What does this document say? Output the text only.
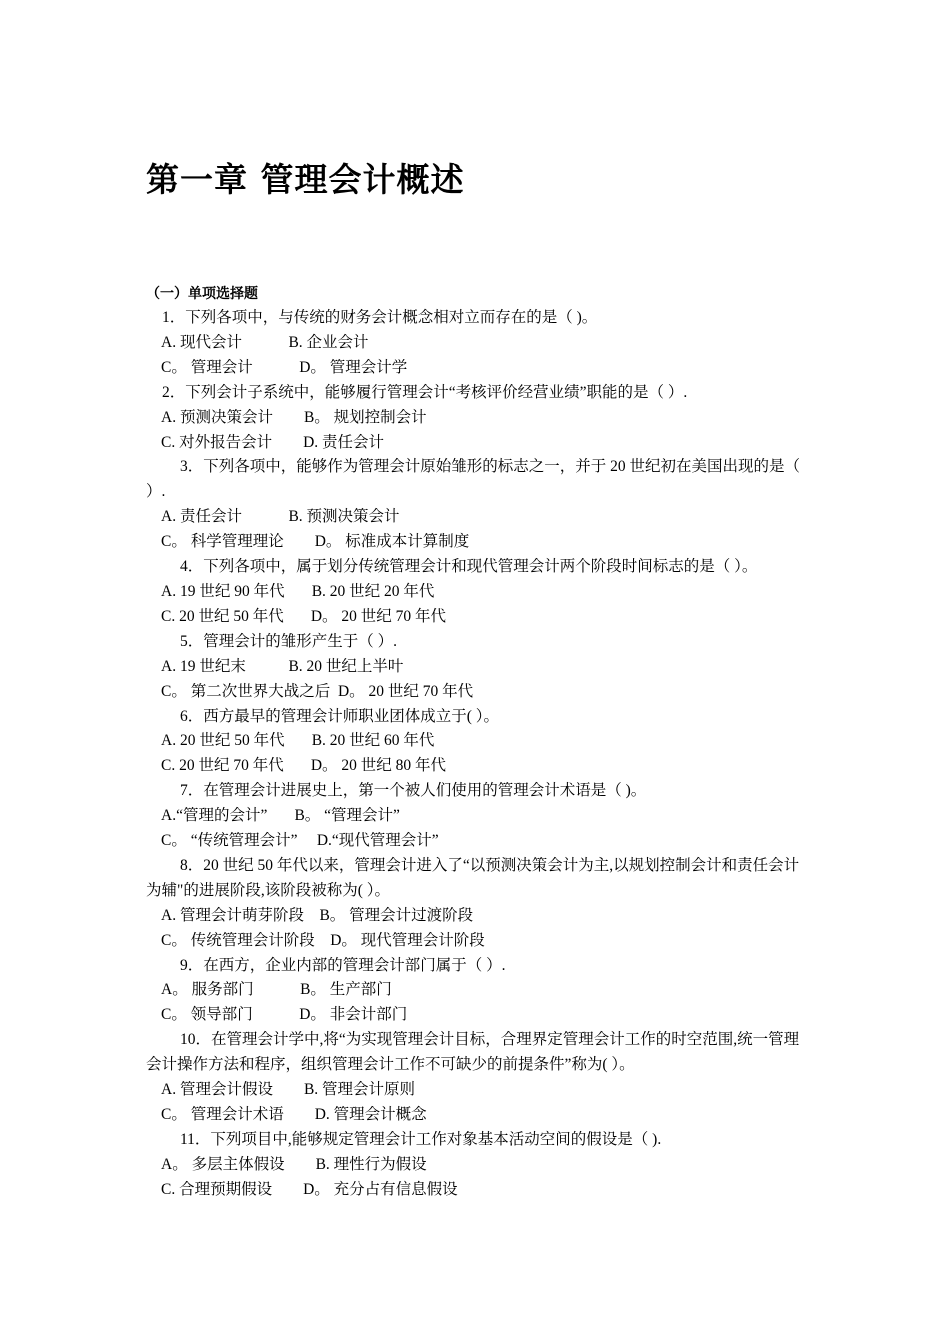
第一章 管理会计概述
（一）单项选择题

1．下列各项中，与传统的财务会计概念相对立而存在的是（ )。

A. 现代会计            B. 企业会计
C。 管理会计            D。 管理会计学

2．下列会计子系统中，能够履行管理会计“考核评价经营业绩”职能的是（ ）.

A. 预测决策会计        B。 规划控制会计
C. 对外报告会计        D. 责任会计

3．下列各项中，能够作为管理会计原始雏形的标志之一，并于 20 世纪初在美国出现的是（ ）.

A. 责任会计            B. 预测决策会计
C。 科学管理理论        D。 标准成本计算制度

4．下列各项中，属于划分传统管理会计和现代管理会计两个阶段时间标志的是（ ）。

A. 19 世纪 90 年代       B. 20 世纪 20 年代
C. 20 世纪 50 年代       D。 20 世纪 70 年代

5．管理会计的雏形产生于（ ）.

A. 19 世纪末           B. 20 世纪上半叶
C。 第二次世界大战之后  D。 20 世纪 70 年代

6．西方最早的管理会计师职业团体成立于( ）。

A. 20 世纪 50 年代       B. 20 世纪 60 年代
C. 20 世纪 70 年代       D。 20 世纪 80 年代

7．在管理会计进展史上，第一个被人们使用的管理会计术语是（ )。

A.“管理的会计”       B。 “管理会计”
C。 “传统管理会计”     D.“现代管理会计”

8．20 世纪 50 年代以来，管理会计进入了“以预测决策会计为主,以规划控制会计和责任会计为辅"的进展阶段,该阶段被称为( ）。

A. 管理会计萌芽阶段    B。 管理会计过渡阶段
C。 传统管理会计阶段    D。 现代管理会计阶段

9．在西方，企业内部的管理会计部门属于（ ）.

A。 服务部门            B。 生产部门
C。 领导部门            D。 非会计部门

10．在管理会计学中,将“为实现管理会计目标，合理界定管理会计工作的时空范围,统一管理会计操作方法和程序，组织管理会计工作不可缺少的前提条件”称为( ）。

A. 管理会计假设        B. 管理会计原则
C。 管理会计术语        D. 管理会计概念

11．下列项目中,能够规定管理会计工作对象基本活动空间的假设是（ ).

A。 多层主体假设        B. 理性行为假设
C. 合理预期假设        D。 充分占有信息假设
